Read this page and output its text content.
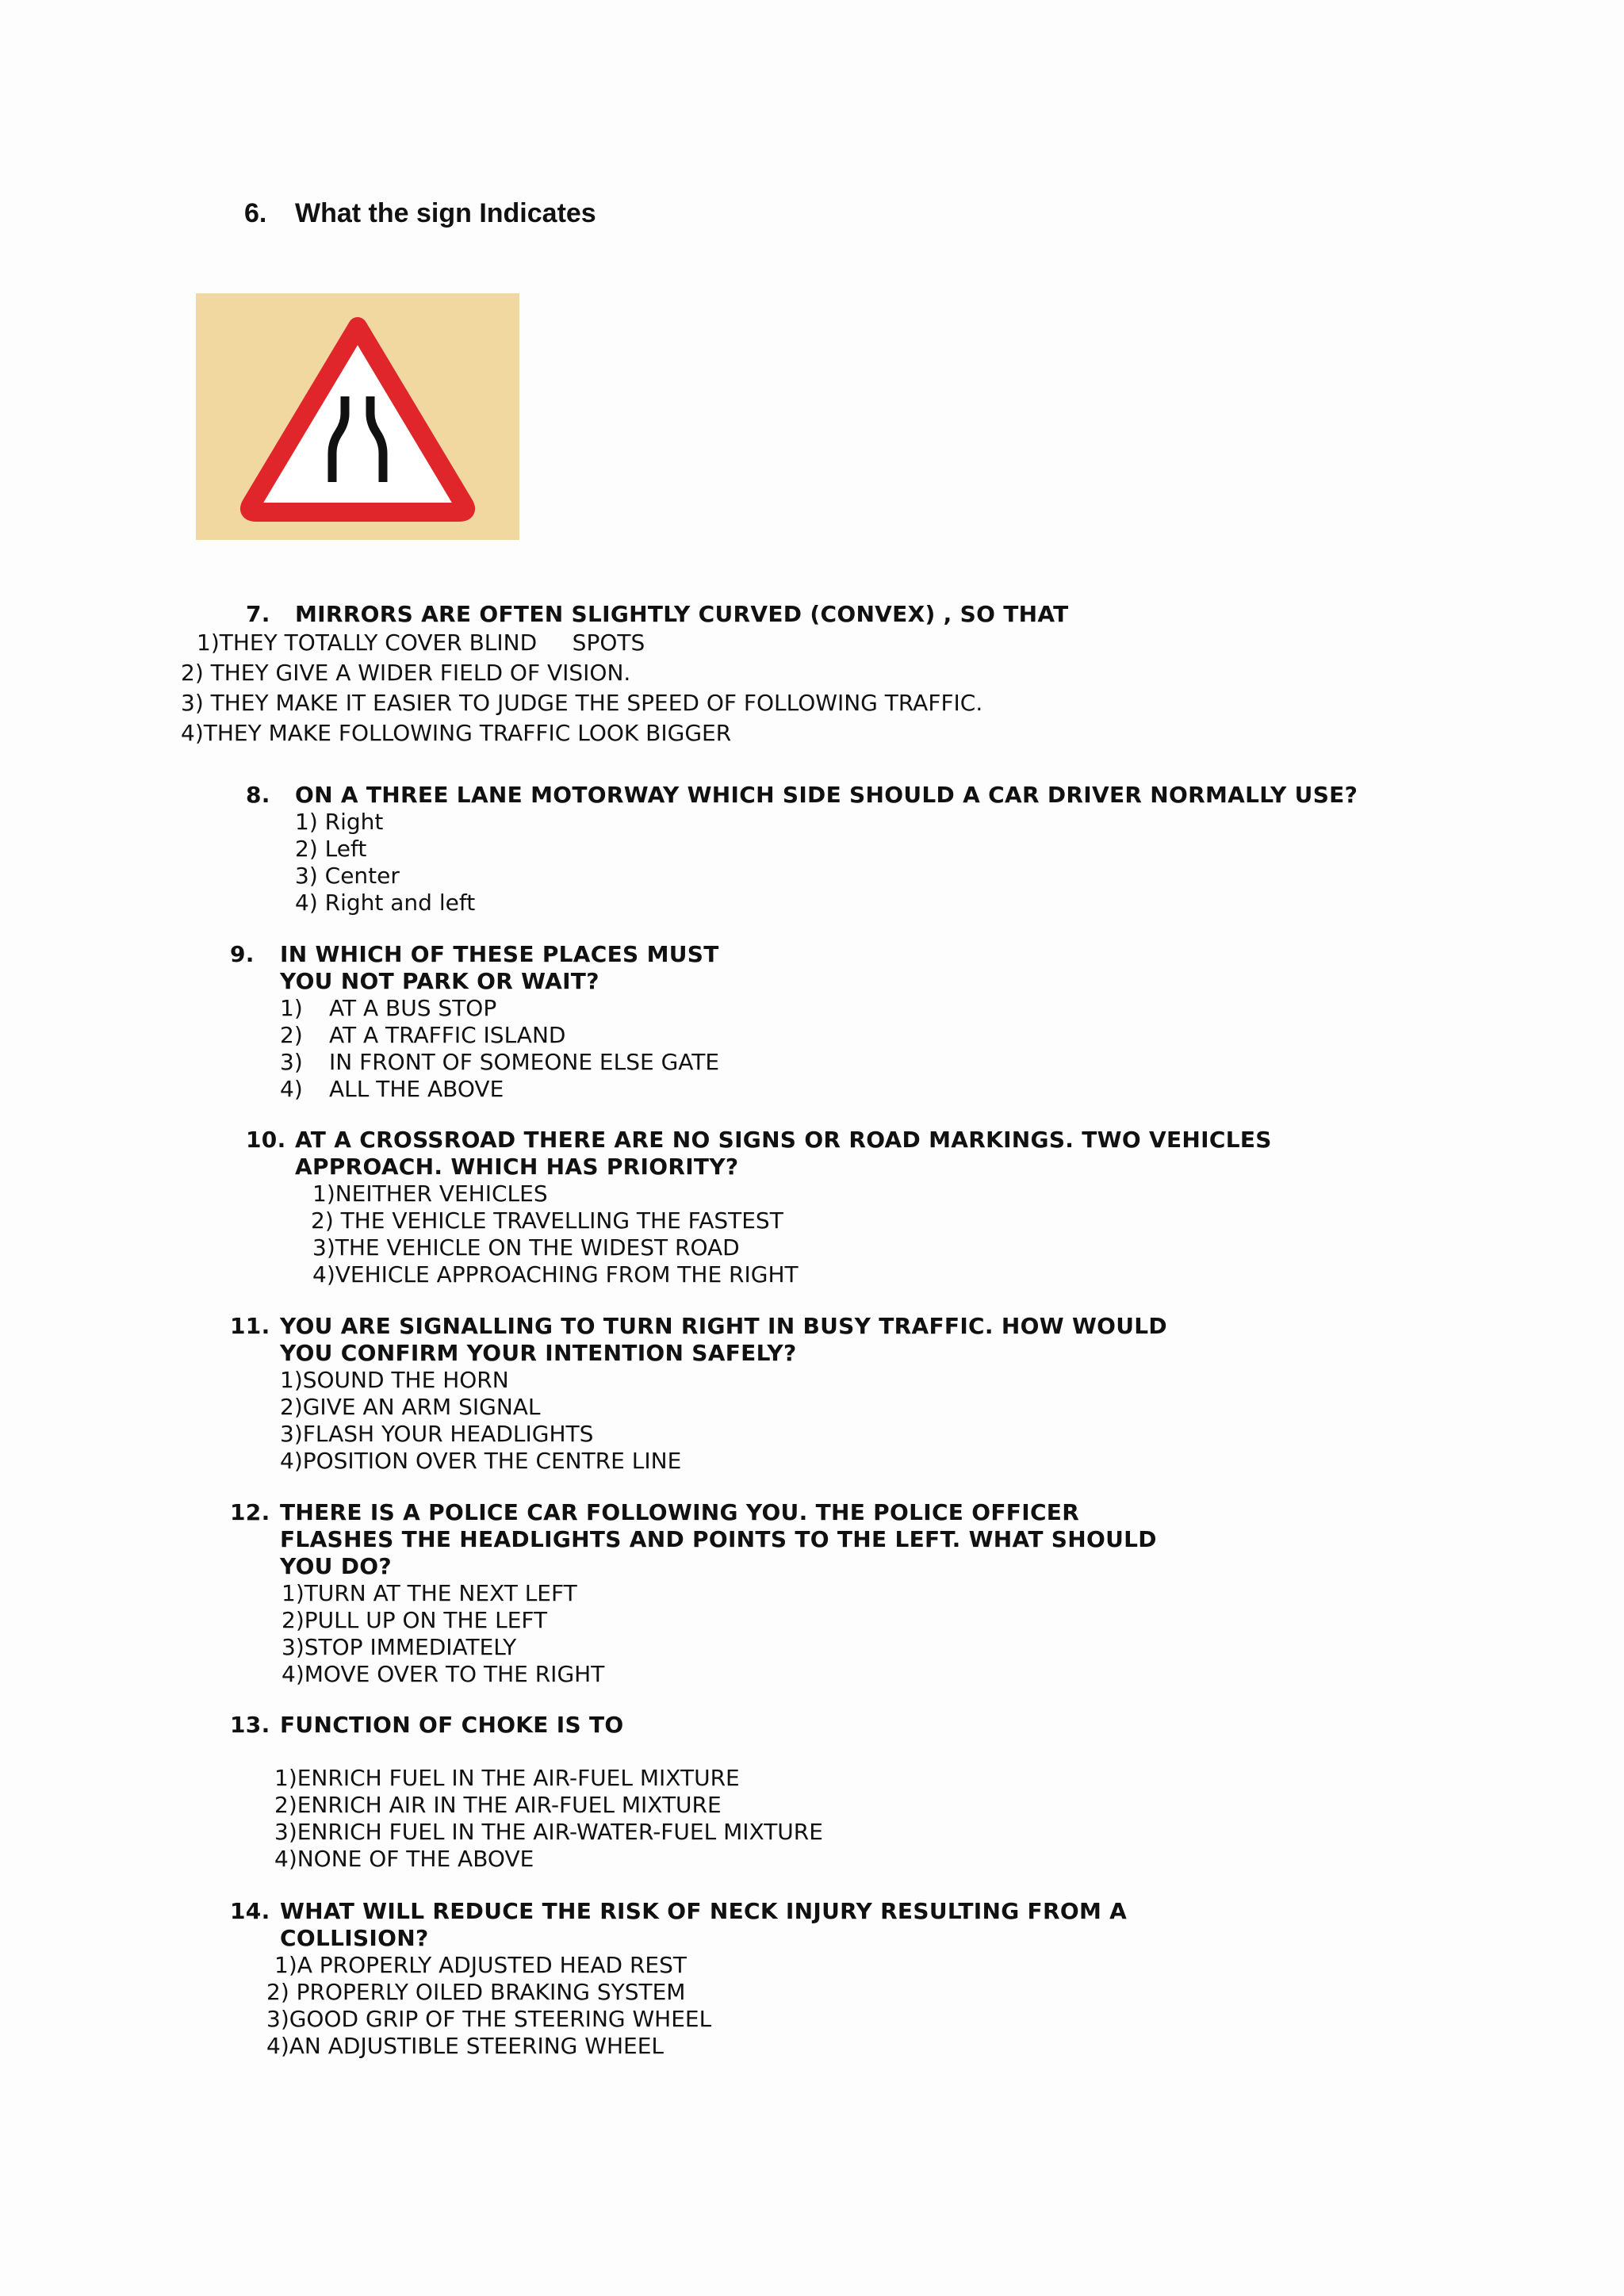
6. What the sign Indicates
7. MIRRORS ARE OFTEN SLIGHTLY CURVED (CONVEX) , SO THAT
1)THEY TOTALLY COVER BLIND     SPOTS
2) THEY GIVE A WIDER FIELD OF VISION.
3) THEY MAKE IT EASIER TO JUDGE THE SPEED OF FOLLOWING TRAFFIC.
4)THEY MAKE FOLLOWING TRAFFIC LOOK BIGGER
8. ON A THREE LANE MOTORWAY WHICH SIDE SHOULD A CAR DRIVER NORMALLY USE?
1) Right
2) Left
3) Center
4) Right and left
9. IN WHICH OF THESE PLACES MUST
YOU NOT PARK OR WAIT?
1) AT A BUS STOP
2) AT A TRAFFIC ISLAND
3) IN FRONT OF SOMEONE ELSE GATE
4) ALL THE ABOVE
10. AT A CROSSROAD THERE ARE NO SIGNS OR ROAD MARKINGS. TWO VEHICLES
APPROACH. WHICH HAS PRIORITY?
1)NEITHER VEHICLES
2) THE VEHICLE TRAVELLING THE FASTEST
3)THE VEHICLE ON THE WIDEST ROAD
4)VEHICLE APPROACHING FROM THE RIGHT
11. YOU ARE SIGNALLING TO TURN RIGHT IN BUSY TRAFFIC. HOW WOULD
YOU CONFIRM YOUR INTENTION SAFELY?
1)SOUND THE HORN
2)GIVE AN ARM SIGNAL
3)FLASH YOUR HEADLIGHTS
4)POSITION OVER THE CENTRE LINE
12. THERE IS A POLICE CAR FOLLOWING YOU. THE POLICE OFFICER
FLASHES THE HEADLIGHTS AND POINTS TO THE LEFT. WHAT SHOULD
YOU DO?
1)TURN AT THE NEXT LEFT
2)PULL UP ON THE LEFT
3)STOP IMMEDIATELY
4)MOVE OVER TO THE RIGHT
13. FUNCTION OF CHOKE IS TO
1)ENRICH FUEL IN THE AIR-FUEL MIXTURE
2)ENRICH AIR IN THE AIR-FUEL MIXTURE
3)ENRICH FUEL IN THE AIR-WATER-FUEL MIXTURE
4)NONE OF THE ABOVE
14. WHAT WILL REDUCE THE RISK OF NECK INJURY RESULTING FROM A
COLLISION?
1)A PROPERLY ADJUSTED HEAD REST
2) PROPERLY OILED BRAKING SYSTEM
3)GOOD GRIP OF THE STEERING WHEEL
4)AN ADJUSTIBLE STEERING WHEEL
